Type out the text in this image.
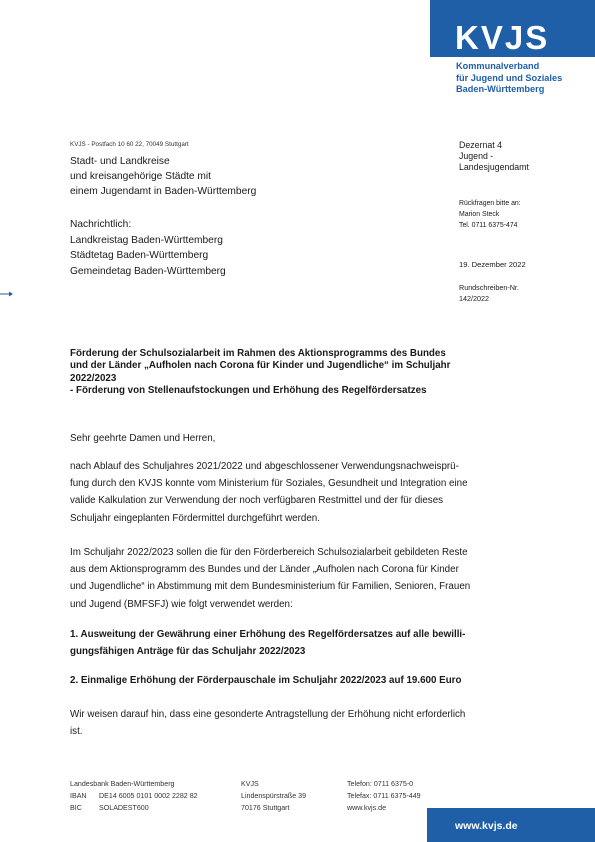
KVJS
Kommunalverband
für Jugend und Soziales
Baden-Württemberg
KVJS - Postfach 10 60 22, 70049 Stuttgart
Stadt- und Landkreise
und kreisangehörige Städte mit
einem Jugendamt in Baden-Württemberg
Nachrichtlich:
Landkreistag Baden-Württemberg
Städtetag Baden-Württemberg
Gemeindetag Baden-Württemberg
Dezernat 4
Jugend -
Landesjugendamt
Rückfragen bitte an:
Marion Steck
Tel. 0711 6375-474
19. Dezember 2022
Rundschreiben-Nr.
142/2022
Förderung der Schulsozialarbeit im Rahmen des Aktionsprogramms des Bundes
und der Länder „Aufholen nach Corona für Kinder und Jugendliche“ im Schuljahr
2022/2023
- Förderung von Stellenaufstockungen und Erhöhung des Regelfördersatzes
Sehr geehrte Damen und Herren,
nach Ablauf des Schuljahres 2021/2022 und abgeschlossener Verwendungsnachweisprü-
fung durch den KVJS konnte vom Ministerium für Soziales, Gesundheit und Integration eine
valide Kalkulation zur Verwendung der noch verfügbaren Restmittel und der für dieses
Schuljahr eingeplanten Fördermittel durchgeführt werden.
Im Schuljahr 2022/2023 sollen die für den Förderbereich Schulsozialarbeit gebildeten Reste
aus dem Aktionsprogramm des Bundes und der Länder „Aufholen nach Corona für Kinder
und Jugendliche“ in Abstimmung mit dem Bundesministerium für Familien, Senioren, Frauen
und Jugend (BMFSFJ) wie folgt verwendet werden:
1. Ausweitung der Gewährung einer Erhöhung des Regelfördersatzes auf alle bewilli-
gungsfähigen Anträge für das Schuljahr 2022/2023
2. Einmalige Erhöhung der Förderpauschale im Schuljahr 2022/2023 auf 19.600 Euro
Wir weisen darauf hin, dass eine gesonderte Antragstellung der Erhöhung nicht erforderlich
ist.
Landesbank Baden-Württemberg
IBAN DE14 6005 0101 0002 2282 82
BIC SOLADEST600
KVJS
Lindenspürstraße 39
70176 Stuttgart
Telefon: 0711 6375-0
Telefax: 0711 6375-449
www.kvjs.de
www.kvjs.de
